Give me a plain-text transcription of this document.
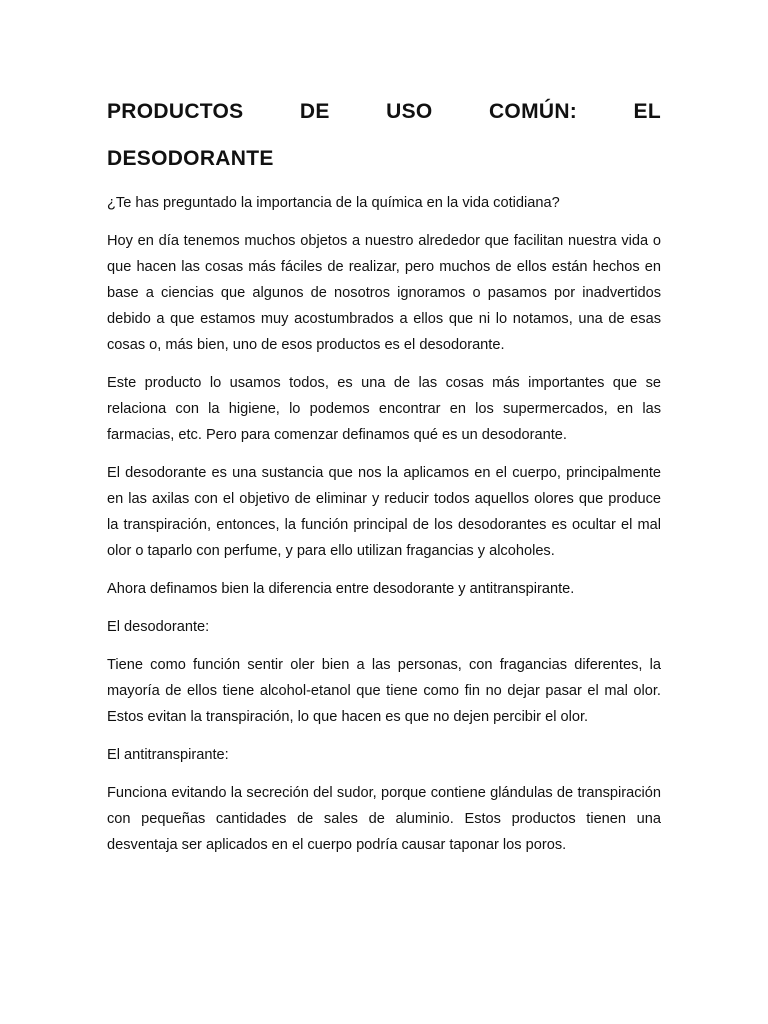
PRODUCTOS	DE	USO	COMÚN:	EL
DESODORANTE

¿Te has preguntado la importancia de la química en la vida cotidiana?

Hoy en día tenemos muchos objetos a nuestro alrededor que facilitan nuestra vida o que hacen las cosas más fáciles de realizar, pero muchos de ellos están hechos en base a ciencias que algunos de nosotros ignoramos o pasamos por inadvertidos debido a que estamos muy acostumbrados a ellos que ni lo notamos, una de esas cosas o, más bien, uno de esos productos es el desodorante.

Este producto lo usamos todos, es una de las cosas más importantes que se relaciona con la higiene, lo podemos encontrar en los supermercados, en las farmacias, etc. Pero para comenzar definamos qué es un desodorante.

El desodorante es una sustancia que nos la aplicamos en el cuerpo, principalmente en las axilas con el objetivo de eliminar y reducir todos aquellos olores que produce la transpiración, entonces, la función principal de los desodorantes es ocultar el mal olor o taparlo con perfume, y para ello utilizan fragancias y alcoholes.

Ahora definamos bien la diferencia entre desodorante y antitranspirante.

El desodorante:

Tiene como función sentir oler bien a las personas, con fragancias diferentes, la mayoría de ellos tiene alcohol-etanol que tiene como fin no dejar pasar el mal olor. Estos evitan la transpiración, lo que hacen es que no dejen percibir el olor.

El antitranspirante:

Funciona evitando la secreción del sudor, porque contiene glándulas de transpiración con pequeñas cantidades de sales de aluminio. Estos productos tienen una desventaja ser aplicados en el cuerpo podría causar taponar los poros.
